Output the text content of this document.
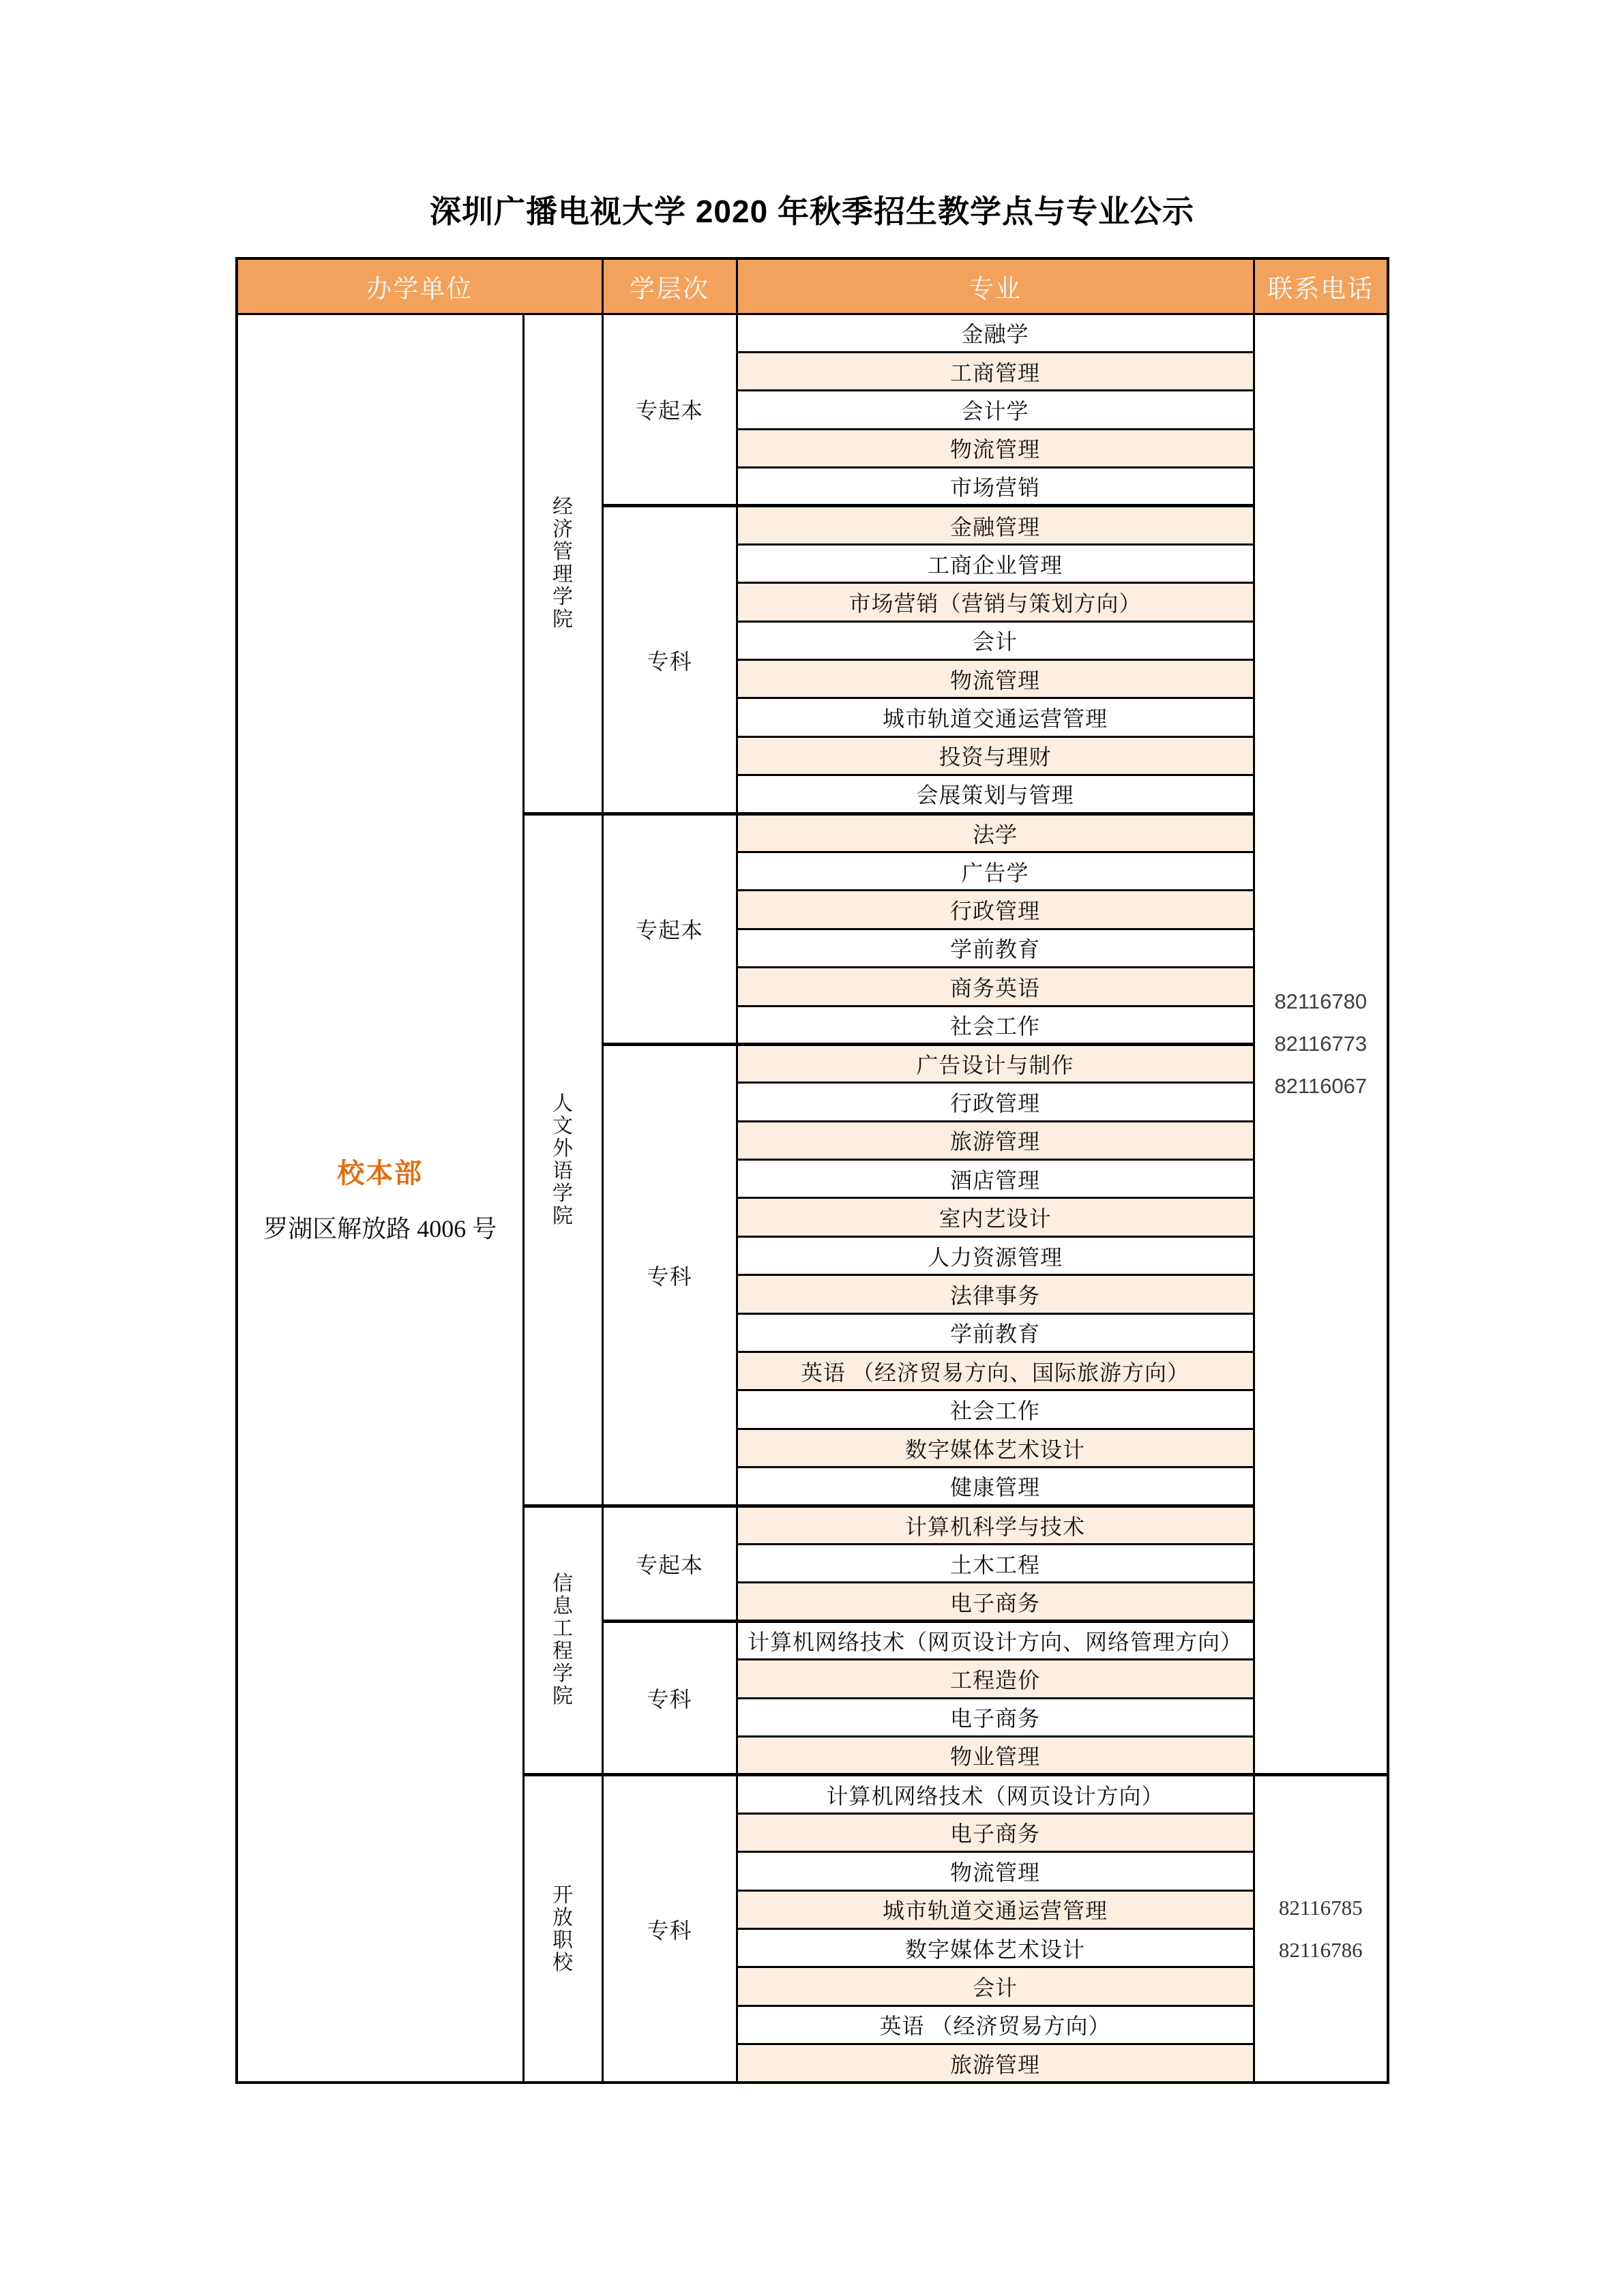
深圳广播电视大学 2020 年秋季招生教学点与专业公示
办学单位		学层次	专业	联系电话

校本部
罗湖区解放路 4006 号
	经济管理学院	专起本	金融学	
82116780
82116773
82116067

			工商管理	
			会计学	
			物流管理	
			市场营销	
		专科	金融管理	
			工商企业管理	
			市场营销（营销与策划方向）	
			会计	
			物流管理	
			城市轨道交通运营管理	
			投资与理财	
			会展策划与管理	
	人文外语学院	专起本	法学	
			广告学	
			行政管理	
			学前教育	
			商务英语	
			社会工作	
		专科	广告设计与制作	
			行政管理	
			旅游管理	
			酒店管理	
			室内艺设计	
			人力资源管理	
			法律事务	
			学前教育	
			英语 （经济贸易方向、国际旅游方向）	
			社会工作	
			数字媒体艺术设计	
			健康管理	
	信息工程学院	专起本	计算机科学与技术	
			土木工程	
			电子商务	
		专科	计算机网络技术（网页设计方向、网络管理方向）	
			工程造价	
			电子商务	
			物业管理	
	开放职校	专科	计算机网络技术（网页设计方向）	82116785
82116786

			电子商务	
			物流管理	
			城市轨道交通运营管理	
			数字媒体艺术设计	
			会计	
			英语 （经济贸易方向）	
			旅游管理	
